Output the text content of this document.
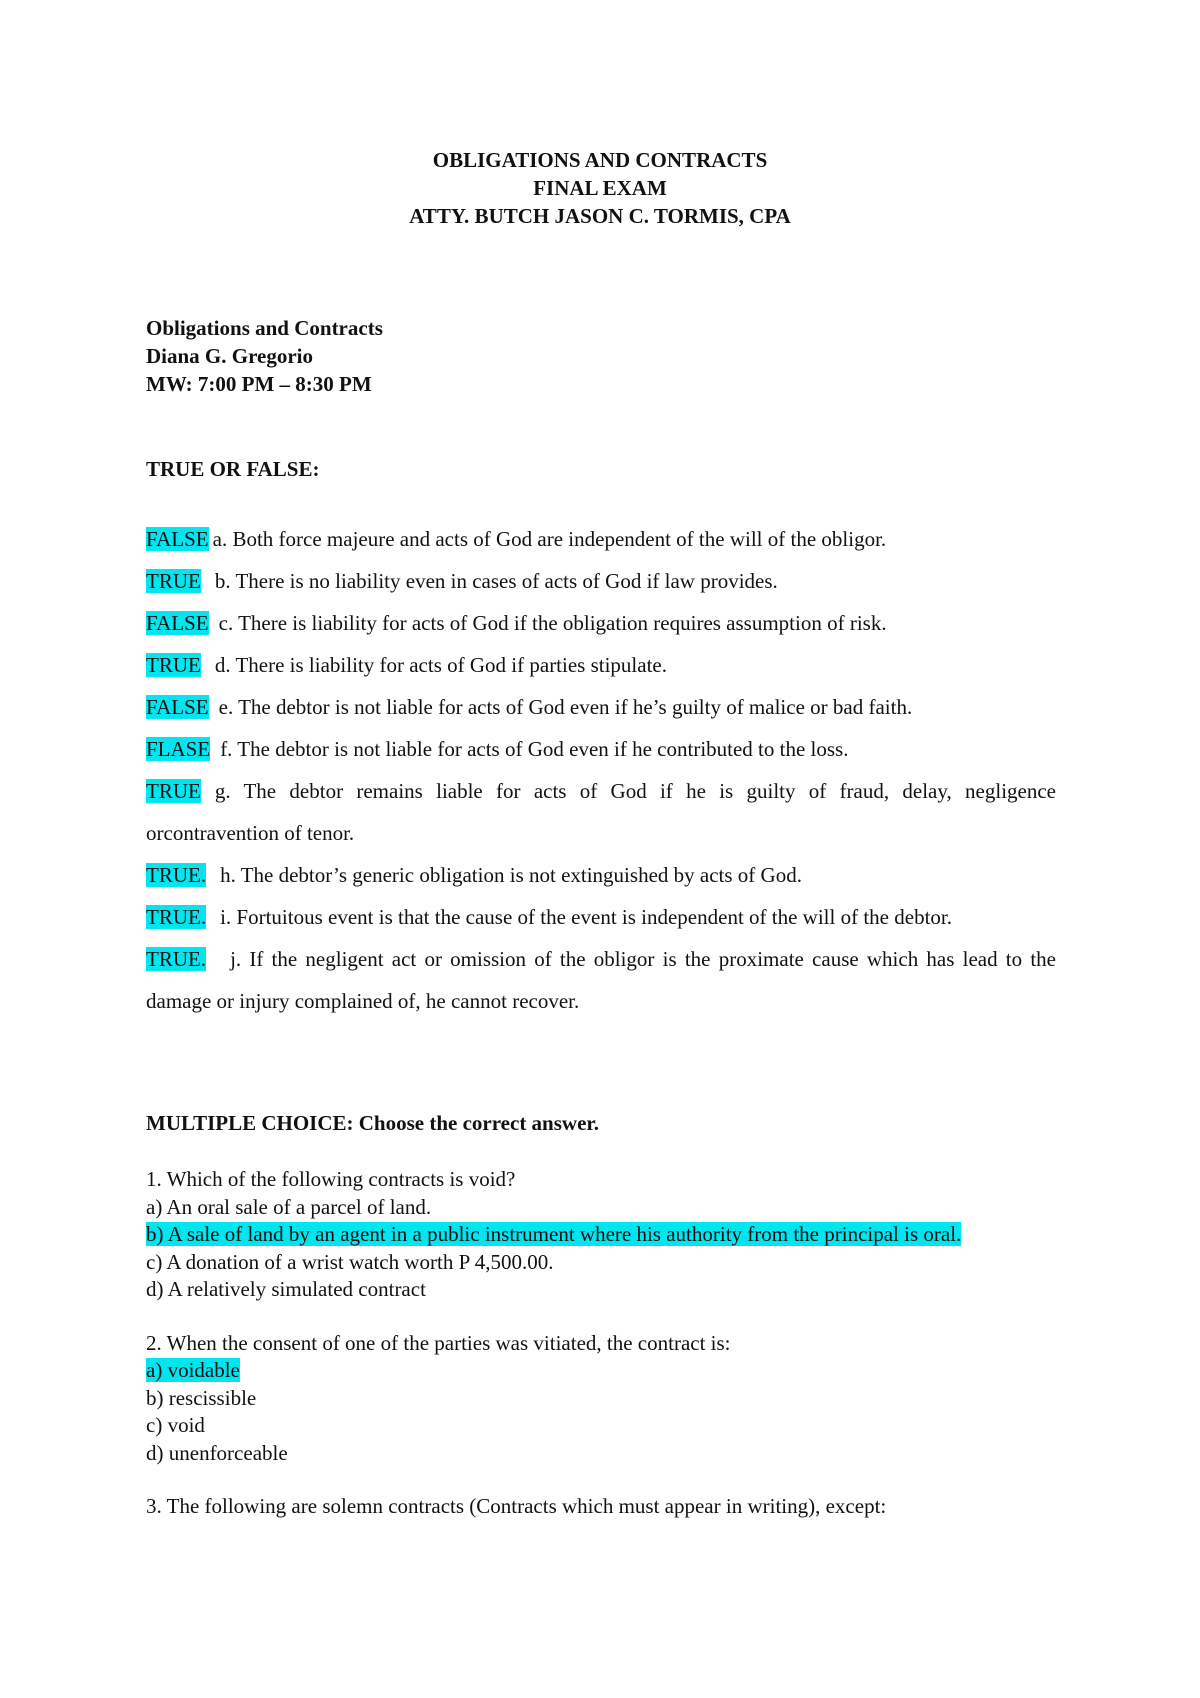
OBLIGATIONS AND CONTRACTS
FINAL EXAM
ATTY. BUTCH JASON C. TORMIS, CPA
Obligations and Contracts
Diana G. Gregorio
MW: 7:00 PM – 8:30 PM
TRUE OR FALSE:

FALSE a. Both force majeure and acts of God are independent of the will of the obligor.

TRUE b. There is no liability even in cases of acts of God if law provides.

FALSE c. There is liability for acts of God if the obligation requires assumption of risk.

TRUE d. There is liability for acts of God if parties stipulate.

FALSE e. The debtor is not liable for acts of God even if he’s guilty of malice or bad faith.

FLASE f. The debtor is not liable for acts of God even if he contributed to the loss.

TRUE g. The debtor remains liable for acts of God if he is guilty of fraud, delay, negligence orcontravention of tenor.

TRUE. h. The debtor’s generic obligation is not extinguished by acts of God.

TRUE. i. Fortuitous event is that the cause of the event is independent of the will of the debtor.

TRUE. j. If the negligent act or omission of the obligor is the proximate cause which has lead to the damage or injury complained of, he cannot recover.

MULTIPLE CHOICE: Choose the correct answer.

1. Which of the following contracts is void?

a) An oral sale of a parcel of land.

b) A sale of land by an agent in a public instrument where his authority from the principal is oral.

c) A donation of a wrist watch worth P 4,500.00.

d) A relatively simulated contract

2. When the consent of one of the parties was vitiated, the contract is:

a) voidable

b) rescissible

c) void

d) unenforceable

3. The following are solemn contracts (Contracts which must appear in writing), except:
